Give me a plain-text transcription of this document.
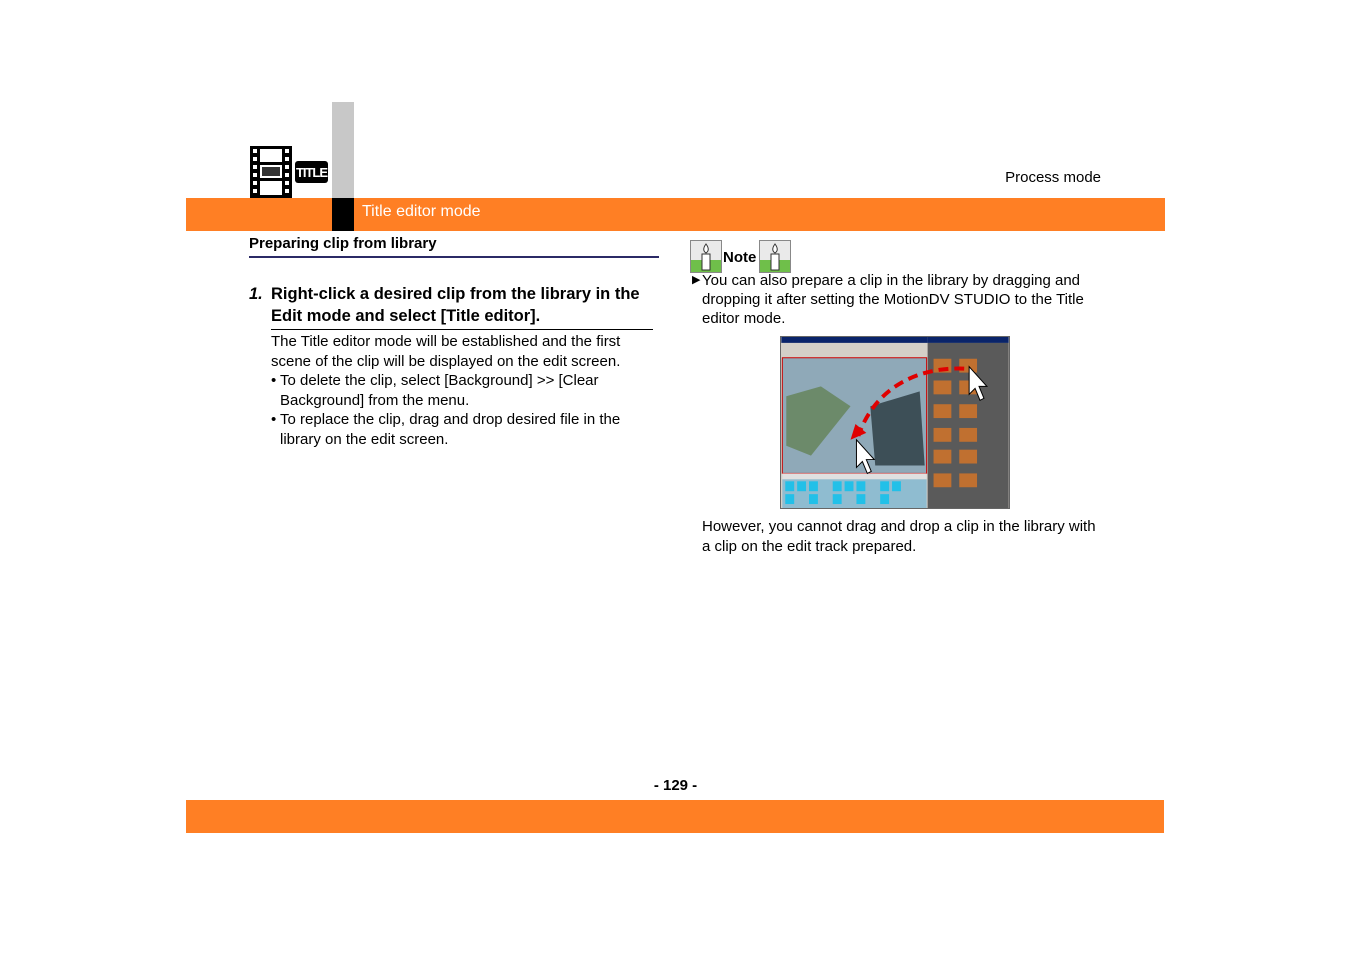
Title editor mode
Process mode
TITLE
Preparing clip from library
1. Right-click a desired clip from the library in the Edit mode and select [Title editor].
The Title editor mode will be established and the first scene of the clip will be displayed on the edit screen.
• To delete the clip, select [Background] >> [Clear Background] from the menu.
• To replace the clip, drag and drop desired file in the library on the edit screen.
Note
▶ You can also prepare a clip in the library by dragging and dropping it after setting the MotionDV STUDIO to the Title editor mode.
However, you cannot drag and drop a clip in the library with a clip on the edit track prepared.
- 129 -
